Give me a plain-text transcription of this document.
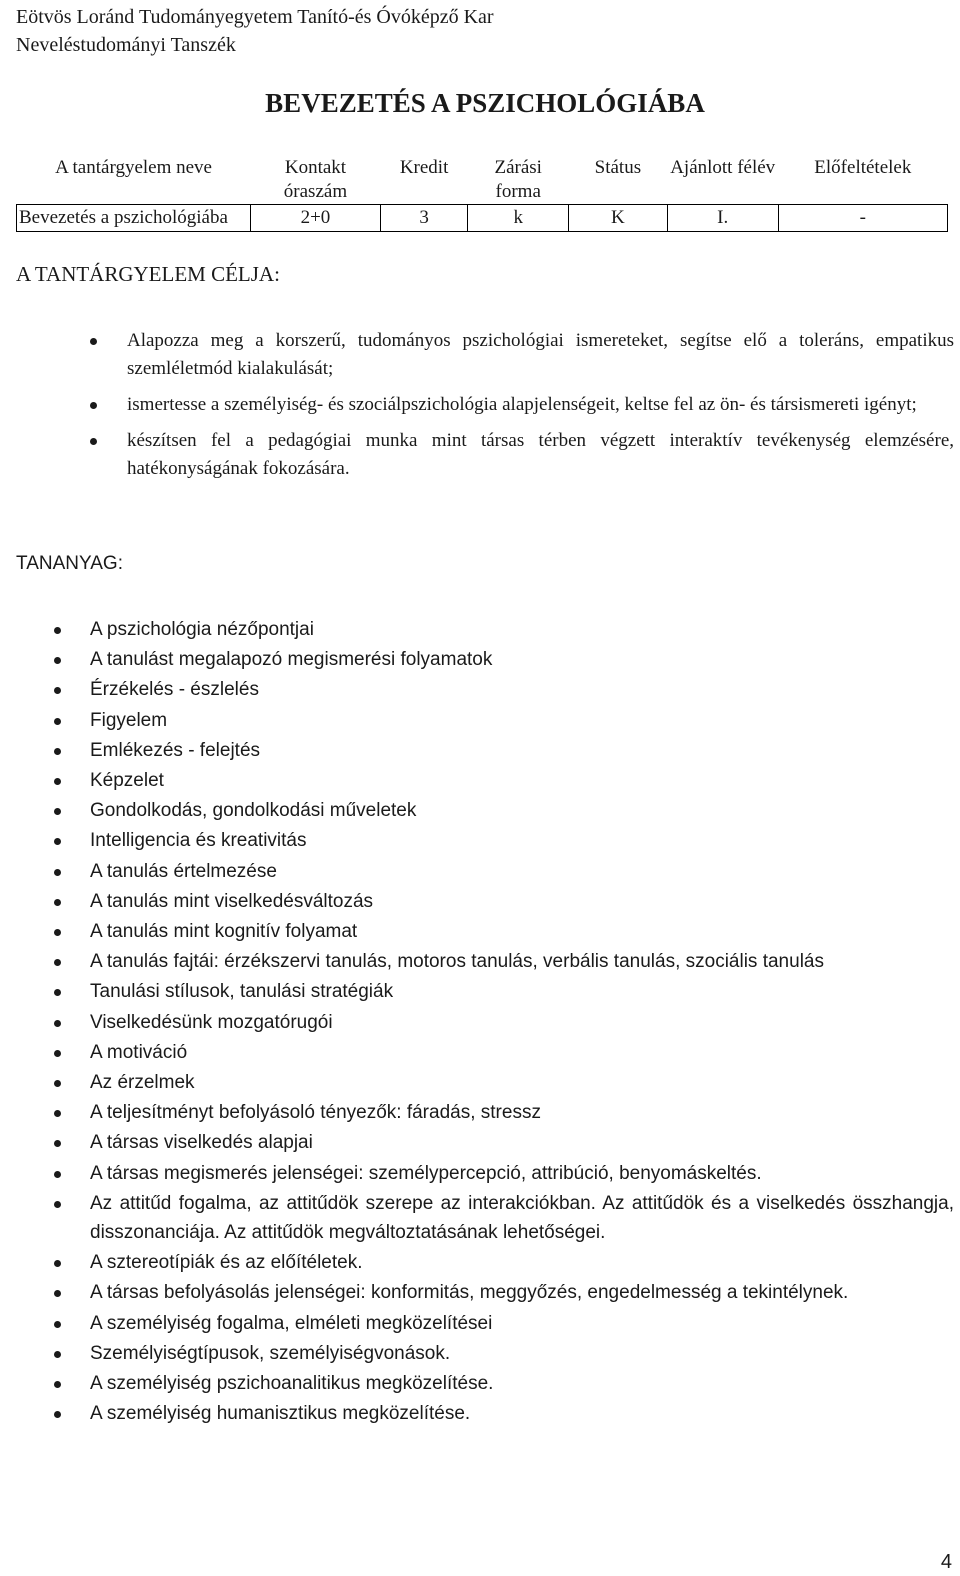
Eötvös Loránd Tudományegyetem Tanító-és Óvóképző Kar
Neveléstudományi Tanszék
BEVEZETÉS A PSZICHOLÓGIÁBA
A tantárgyelem neve	Kontakt óraszám	Kredit	Zárási forma	Státus	Ajánlott félév	Előfeltételek
Bevezetés a pszichológiába	2+0	3	k	K	I.	-
A TANTÁRGYELEM CÉLJA:
Alapozza meg a korszerű, tudományos pszichológiai ismereteket, segítse elő a toleráns, empatikus szemléletmód kialakulását;
ismertesse a személyiség- és szociálpszichológia alapjelenségeit, keltse fel az ön- és társismereti igényt;
készítsen fel a pedagógiai munka mint társas térben végzett interaktív tevékenység elemzésére, hatékonyságának fokozására.
TANANYAG:
A pszichológia nézőpontjai
A tanulást megalapozó megismerési folyamatok
Érzékelés - észlelés
Figyelem
Emlékezés - felejtés
Képzelet
Gondolkodás, gondolkodási műveletek
Intelligencia és kreativitás
A tanulás értelmezése
A tanulás mint viselkedésváltozás
A tanulás mint kognitív folyamat
A tanulás fajtái: érzékszervi tanulás, motoros tanulás, verbális tanulás, szociális tanulás
Tanulási stílusok, tanulási stratégiák
Viselkedésünk mozgatórugói
A motiváció
Az érzelmek
A teljesítményt befolyásoló tényezők: fáradás, stressz
A társas viselkedés alapjai
A társas megismerés jelenségei: személypercepció, attribúció, benyomáskeltés.
Az attitűd fogalma, az attitűdök szerepe az interakciókban. Az attitűdök és a viselkedés összhangja, disszonanciája. Az attitűdök megváltoztatásának lehetőségei.
A sztereotípiák és az előítéletek.
A társas befolyásolás jelenségei: konformitás, meggyőzés, engedelmesség a tekintélynek.
A személyiség fogalma, elméleti megközelítései
Személyiségtípusok, személyiségvonások.
A személyiség pszichoanalitikus megközelítése.
A személyiség humanisztikus megközelítése.
4
